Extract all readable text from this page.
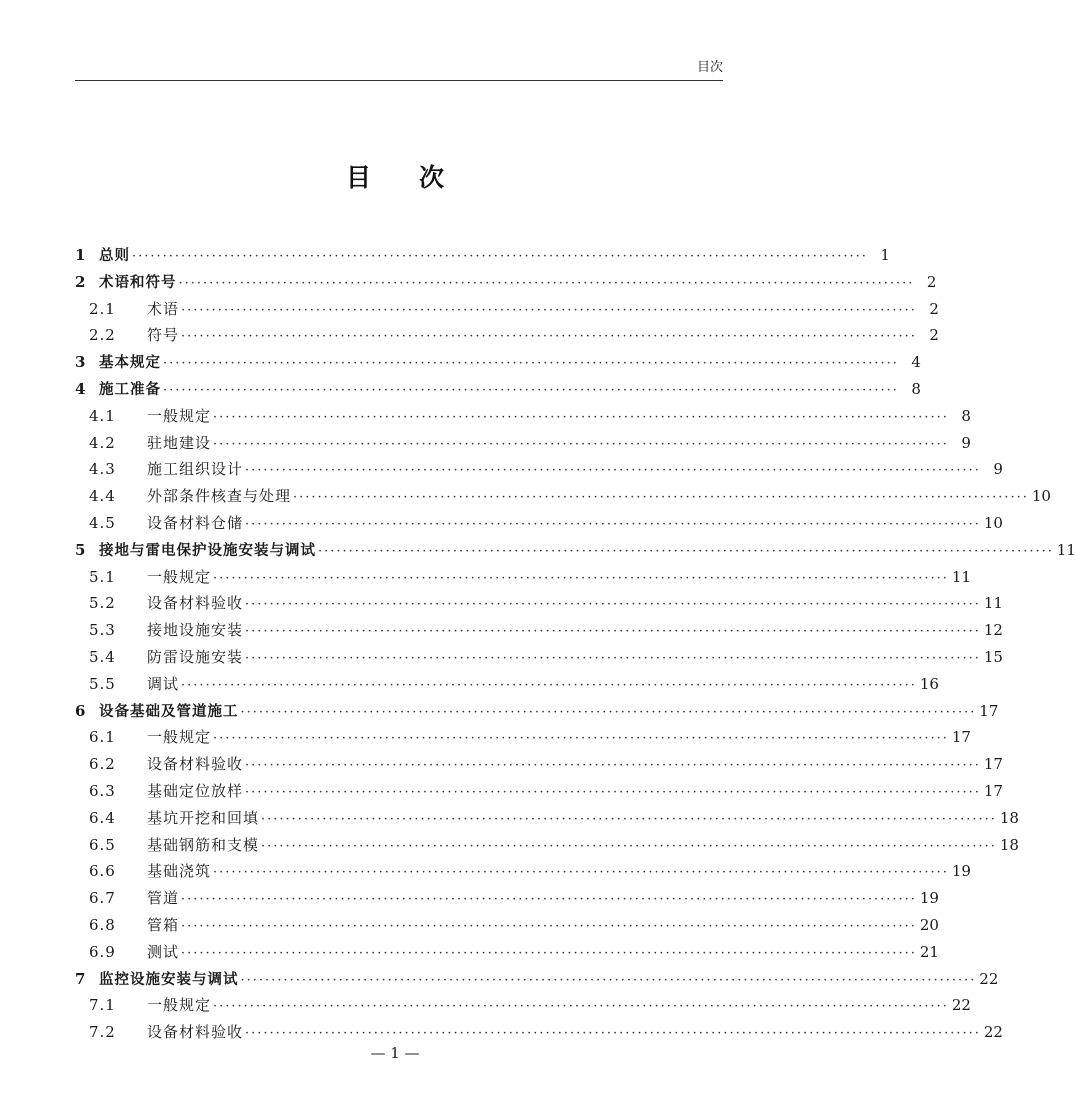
目次
目次
1 总则 ························································································································ 1
2 术语和符号 ························································································································ 2
2.1	术语 ························································································································ 2
2.2	符号 ························································································································ 2
3 基本规定 ························································································································ 4
4 施工准备 ························································································································ 8
4.1	一般规定 ························································································································ 8
4.2	驻地建设 ························································································································ 9
4.3	施工组织设计 ························································································································ 9
4.4	外部条件核查与处理 ························································································································ 10
4.5	设备材料仓储 ························································································································ 10
5 接地与雷电保护设施安装与调试 ························································································································ 11
5.1	一般规定 ························································································································ 11
5.2	设备材料验收 ························································································································ 11
5.3	接地设施安装 ························································································································ 12
5.4	防雷设施安装 ························································································································ 15
5.5	调试 ························································································································ 16
6 设备基础及管道施工 ························································································································ 17
6.1	一般规定 ························································································································ 17
6.2	设备材料验收 ························································································································ 17
6.3	基础定位放样 ························································································································ 17
6.4	基坑开挖和回填 ························································································································ 18
6.5	基础钢筋和支模 ························································································································ 18
6.6	基础浇筑 ························································································································ 19
6.7	管道 ························································································································ 19
6.8	管箱 ························································································································ 20
6.9	测试 ························································································································ 21
7 监控设施安装与调试 ························································································································ 22
7.1	一般规定 ························································································································ 22
7.2	设备材料验收 ························································································································ 22
— 1 —
